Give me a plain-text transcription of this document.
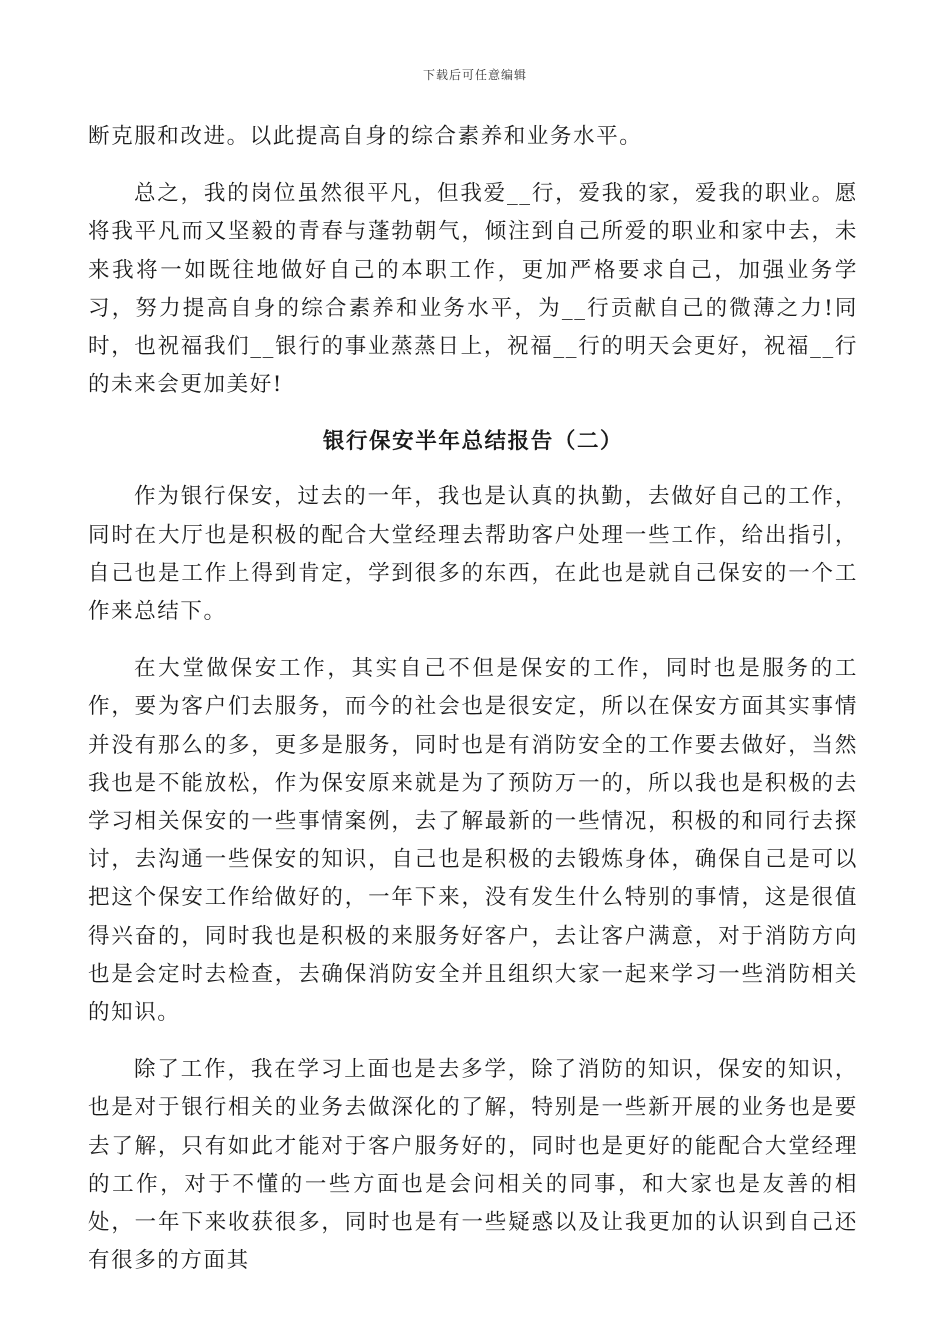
下载后可任意编辑

断克服和改进。以此提高自身的综合素养和业务水平。

总之，我的岗位虽然很平凡，但我爱__行，爱我的家，爱我的职业。愿将我平凡而又坚毅的青春与蓬勃朝气，倾注到自己所爱的职业和家中去，未来我将一如既往地做好自己的本职工作，更加严格要求自己，加强业务学习，努力提高自身的综合素养和业务水平，为__行贡献自己的微薄之力!同时，也祝福我们__银行的事业蒸蒸日上，祝福__行的明天会更好，祝福__行的未来会更加美好!

银行保安半年总结报告（二）

作为银行保安，过去的一年，我也是认真的执勤，去做好自己的工作，同时在大厅也是积极的配合大堂经理去帮助客户处理一些工作，给出指引，自己也是工作上得到肯定，学到很多的东西，在此也是就自己保安的一个工作来总结下。

在大堂做保安工作，其实自己不但是保安的工作，同时也是服务的工作，要为客户们去服务，而今的社会也是很安定，所以在保安方面其实事情并没有那么的多，更多是服务，同时也是有消防安全的工作要去做好，当然我也是不能放松，作为保安原来就是为了预防万一的，所以我也是积极的去学习相关保安的一些事情案例，去了解最新的一些情况，积极的和同行去探讨，去沟通一些保安的知识，自己也是积极的去锻炼身体，确保自己是可以把这个保安工作给做好的，一年下来，没有发生什么特别的事情，这是很值得兴奋的，同时我也是积极的来服务好客户，去让客户满意，对于消防方向也是会定时去检查，去确保消防安全并且组织大家一起来学习一些消防相关的知识。

除了工作，我在学习上面也是去多学，除了消防的知识，保安的知识，也是对于银行相关的业务去做深化的了解，特别是一些新开展的业务也是要去了解，只有如此才能对于客户服务好的，同时也是更好的能配合大堂经理的工作，对于不懂的一些方面也是会问相关的同事，和大家也是友善的相处，一年下来收获很多，同时也是有一些疑惑以及让我更加的认识到自己还有很多的方面其
